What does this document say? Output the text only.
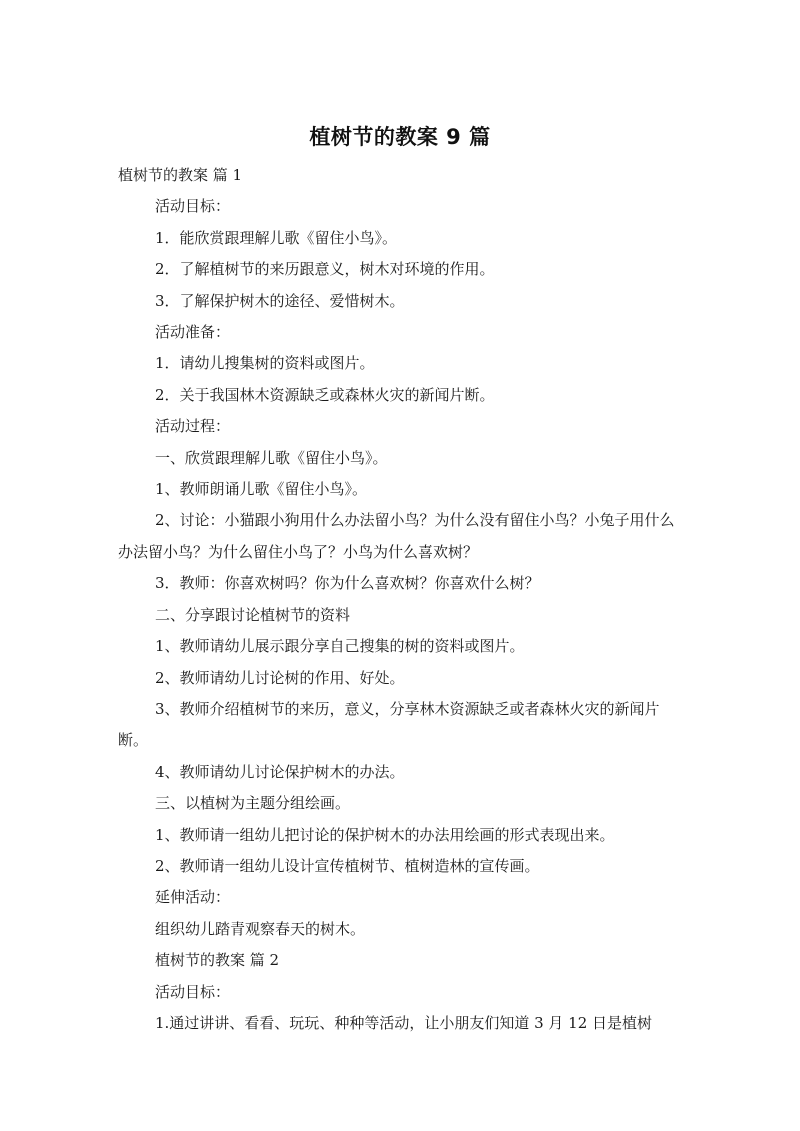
植树节的教案 9 篇

植树节的教案 篇 1

活动目标：

1．能欣赏跟理解儿歌《留住小鸟》。

2．了解植树节的来历跟意义，树木对环境的作用。

3．了解保护树木的途径、爱惜树木。

活动准备：

1．请幼儿搜集树的资料或图片。

2．关于我国林木资源缺乏或森林火灾的新闻片断。

活动过程：

一、欣赏跟理解儿歌《留住小鸟》。

1、教师朗诵儿歌《留住小鸟》。

2、讨论：小猫跟小狗用什么办法留小鸟？为什么没有留住小鸟？小兔子用什么办法留小鸟？为什么留住小鸟了？小鸟为什么喜欢树？

3．教师：你喜欢树吗？你为什么喜欢树？你喜欢什么树？

二、分享跟讨论植树节的资料

1、教师请幼儿展示跟分享自己搜集的树的资料或图片。

2、教师请幼儿讨论树的作用、好处。

3、教师介绍植树节的来历，意义，分享林木资源缺乏或者森林火灾的新闻片断。

4、教师请幼儿讨论保护树木的办法。

三、以植树为主题分组绘画。

1、教师请一组幼儿把讨论的保护树木的办法用绘画的形式表现出来。

2、教师请一组幼儿设计宣传植树节、植树造林的宣传画。

延伸活动：

组织幼儿踏青观察春天的树木。

植树节的教案 篇 2

活动目标：

1.通过讲讲、看看、玩玩、种种等活动，让小朋友们知道 3 月 12 日是植树
